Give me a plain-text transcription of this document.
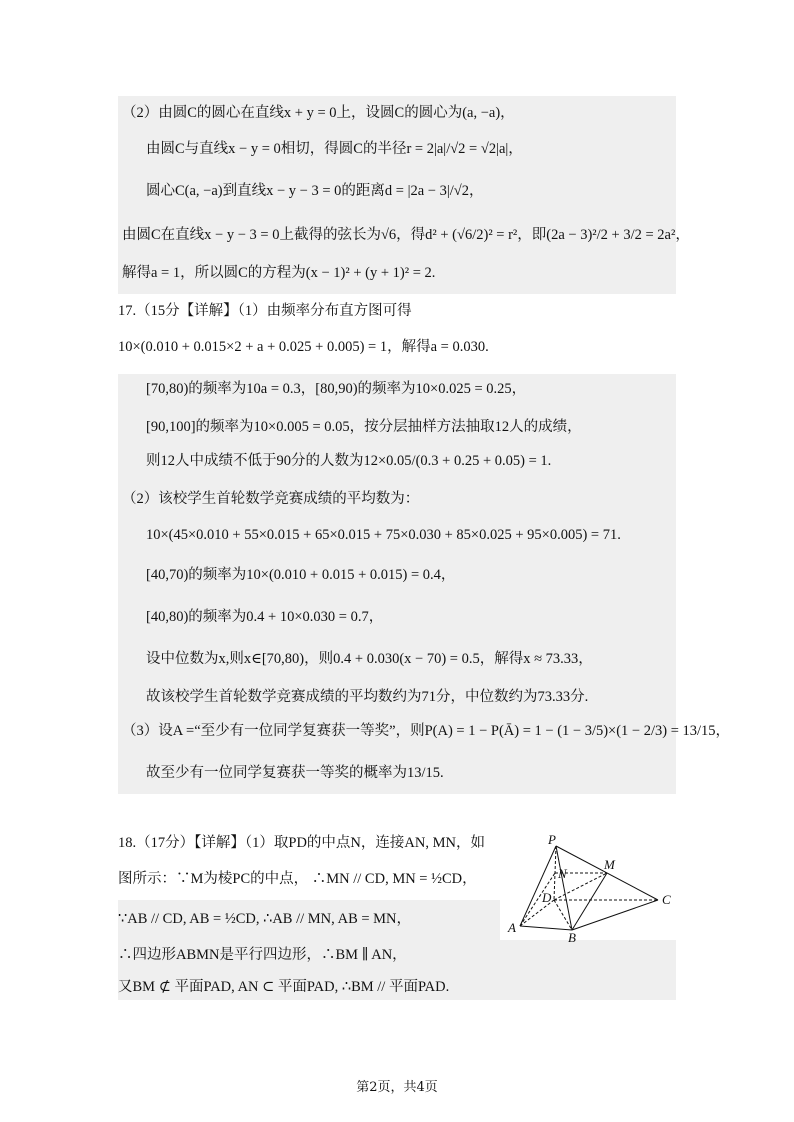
（2）由圆C的圆心在直线x + y = 0上，设圆C的圆心为(a, −a)，
由圆C与直线x − y = 0相切，得圆C的半径r = 2|a|/√2 = √2|a|，
圆心C(a, −a)到直线x − y − 3 = 0的距离d = |2a − 3|/√2，
由圆C在直线x − y − 3 = 0上截得的弦长为√6，得d² + (√6/2)² = r²，即(2a − 3)²/2 + 3/2 = 2a²，
解得a = 1，所以圆C的方程为(x − 1)² + (y + 1)² = 2.
17.（15分【详解】（1）由频率分布直方图可得
10×(0.010 + 0.015×2 + a + 0.025 + 0.005) = 1，解得a = 0.030.
[70,80)的频率为10a = 0.3，[80,90)的频率为10×0.025 = 0.25，
[90,100]的频率为10×0.005 = 0.05，按分层抽样方法抽取12人的成绩，
则12人中成绩不低于90分的人数为12×0.05/(0.3 + 0.25 + 0.05) = 1.
（2）该校学生首轮数学竞赛成绩的平均数为：
10×(45×0.010 + 55×0.015 + 65×0.015 + 75×0.030 + 85×0.025 + 95×0.005) = 71.
[40,70)的频率为10×(0.010 + 0.015 + 0.015) = 0.4，
[40,80)的频率为0.4 + 10×0.030 = 0.7，
设中位数为x,则x∈[70,80)，则0.4 + 0.030(x − 70) = 0.5，解得x ≈ 73.33，
故该校学生首轮数学竞赛成绩的平均数约为71分，中位数约为73.33分.
（3）设A =“至少有一位同学复赛获一等奖”，则P(A) = 1 − P(Ā) = 1 − (1 − 3/5)×(1 − 2/3) = 13/15，
故至少有一位同学复赛获一等奖的概率为13/15.
18.（17分）【详解】（1）取PD的中点N，连接AN, MN，如
图所示：∵M为棱PC的中点， ∴MN // CD, MN = ½CD，
∵AB // CD, AB = ½CD, ∴AB // MN, AB = MN，
∴四边形ABMN是平行四边形，∴BM ∥ AN，
又BM ⊄ 平面PAD, AN ⊂ 平面PAD, ∴BM // 平面PAD.
P
M
N
D	C
A
B
第2页，共4页
